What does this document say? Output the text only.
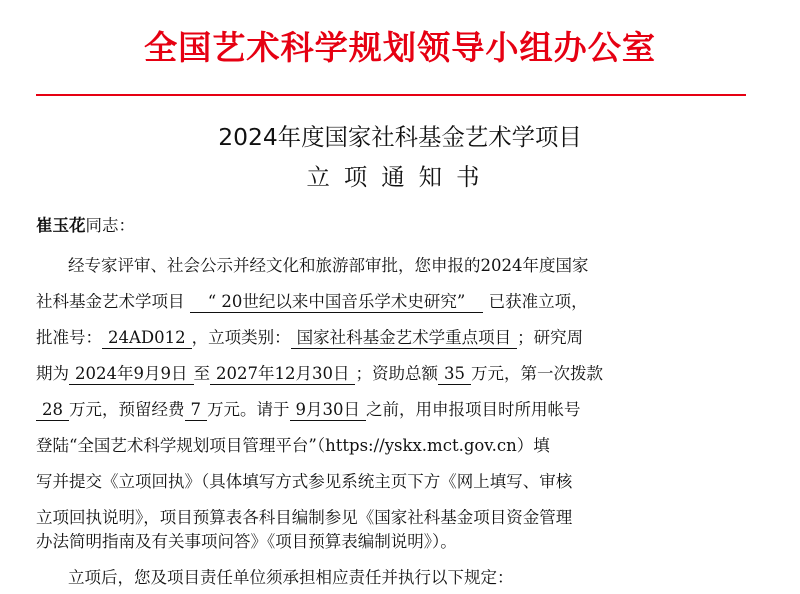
全国艺术科学规划领导小组办公室
2024年度国家社科基金艺术学项目
立项通知书
崔玉花同志：
经专家评审、社会公示并经文化和旅游部审批，您申报的2024年度国家
社科基金艺术学项目 “ 20世纪以来中国音乐学术史研究” 已获准立项，
批准号： 24AD012 ，立项类别： 国家社科基金艺术学重点项目 ；研究周
期为 2024年9月9日 至 2027年12月30日 ；资助总额 35 万元，第一次拨款
28 万元，预留经费 7 万元。请于 9月30日 之前，用申报项目时所用帐号
登陆“全国艺术科学规划项目管理平台”（https://yskx.mct.gov.cn）填
写并提交《立项回执》（具体填写方式参见系统主页下方《网上填写、审核
立项回执说明》，项目预算表各科目编制参见《国家社科基金项目资金管理
办法简明指南及有关事项问答》《项目预算表编制说明》）。
立项后，您及项目责任单位须承担相应责任并执行以下规定：
